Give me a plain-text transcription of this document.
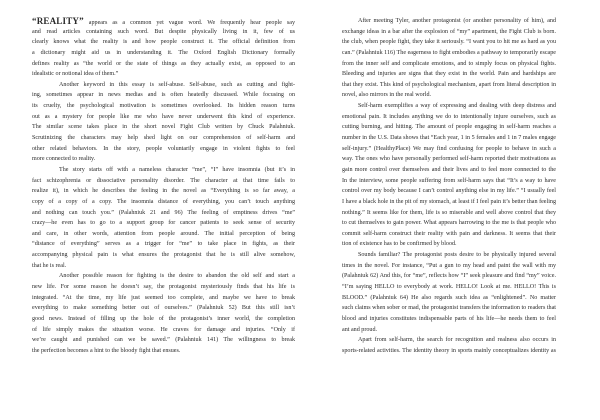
“REALITY” appears as a common yet vague word. We frequently hear people say
and read articles containing such word. But despite physically living in it, few of us
clearly knows what the reality is and how people construct it. The official definition from
a dictionary might aid us in understanding it. The Oxford English Dictionary formally
defines reality as “the world or the state of things as they actually exist, as opposed to an
idealistic or notional idea of them.”
Another keyword in this essay is self-abuse. Self-abuse, such as cutting and fight-
ing, sometimes appear in news medias and is often heatedly discussed. While focusing on
its cruelty, the psychological motivation is sometimes overlooked. Its hidden reason turns
out as a mystery for people like me who have never underwent this kind of experience.
The similar scene takes place in the short novel Fight Club written by Chuck Palahniuk.
Scrutinizing the characters may help shed light on our comprehension of self-harm and
other related behaviors. In the story, people voluntarily engage in violent fights to feel
more connected to reality.
The story starts off with a nameless character “me”, “I” have insomnia (but it’s in
fact schizophrenia or dissociative personality disorder. The character at that time fails to
realize it), in which he describes the feeling in the novel as “Everything is so far away, a
copy of a copy of a copy. The insomnia distance of everything, you can’t touch anything
and nothing can touch you.” (Palahniuk 21 and 96) The feeling of emptiness drives “me”
crazy—he even has to go to a support group for cancer patients to seek sense of security
and care, in other words, attention from people around. The initial perception of being
“distance of everything” serves as a trigger for “me” to take place in fights, as their
accompanying physical pain is what ensures the protagonist that he is still alive somehow,
that he is real.
Another possible reason for fighting is the desire to abandon the old self and start a
new life. For some reason he doesn’t say, the protagonist mysteriously finds that his life is
integrated. “At the time, my life just seemed too complete, and maybe we have to break
everything to make something better out of ourselves.” (Palahniuk 52) But this still isn’t
good news. Instead of filling up the hole of the protagonist’s inner world, the completion
of life simply makes the situation worse. He craves for damage and injuries. “Only if
we’re caught and punished can we be saved.” (Palahniuk 141) The willingness to break
the perfection becomes a hint to the bloody fight that ensues.
After meeting Tyler, another protagonist (or another personality of him), and
exchange ideas in a bar after the explosion of “my” apartment, the Fight Club is born.
the club, when people fight, they take it seriously. “I want you to hit me as hard as you
can.” (Palahniuk 116) The eagerness to fight embodies a pathway to temporarily escape
from the inner self and complicate emotions, and to simply focus on physical fights.
Bleeding and injuries are signs that they exist in the world. Pain and hardships are
that they exist. This kind of psychological mechanism, apart from literal description in
novel, also mirrors in the real world.
Self-harm exemplifies a way of expressing and dealing with deep distress and
emotional pain. It includes anything we do to intentionally injure ourselves, such as
cutting burning, and hitting. The amount of people engaging in self-harm reaches a
number in the U.S. Data shows that “Each year, 1 in 5 females and 1 in 7 males engage
self-injury.” (HealthyPlace) We may find confusing for people to behave in such a
way. The ones who have personally performed self-harm reported their motivations as
gain more control over themselves and their lives and to feel more connected to the
In the interview, some people suffering from self-harm says that “It’s a way to have
control over my body because I can’t control anything else in my life.” “I usually feel
I have a black hole in the pit of my stomach, at least if I feel pain it’s better than feeling
nothing.” It seems like for them, life is so miserable and well above control that they
to cut themselves to gain power. What appears harrowing to the me is that people who
commit self-harm construct their reality with pain and darkness. It seems that their
tion of existence has to be confirmed by blood.
Sounds familiar? The protagonist posts desire to be physically injured several
times in the novel. For instance, “Put a gun to my head and paint the wall with my
(Palahniuk 62) And this, for “me”, reflects how “I” seek pleasure and find “my” voice.
“I’m saying HELLO to everybody at work. HELLO! Look at me. HELLO! This is
BLOOD.” (Palahniuk 64) He also regards such idea as “enlightened”. No matter
such claims when sober or mad, the protagonist transfers the information to readers that
blood and injuries constitutes indispensable parts of his life—he needs them to feel
ant and proud.
Apart from self-harm, the search for recognition and realness also occurs in
sports-related activities. The identity theory in sports mainly conceptualizes identity as
